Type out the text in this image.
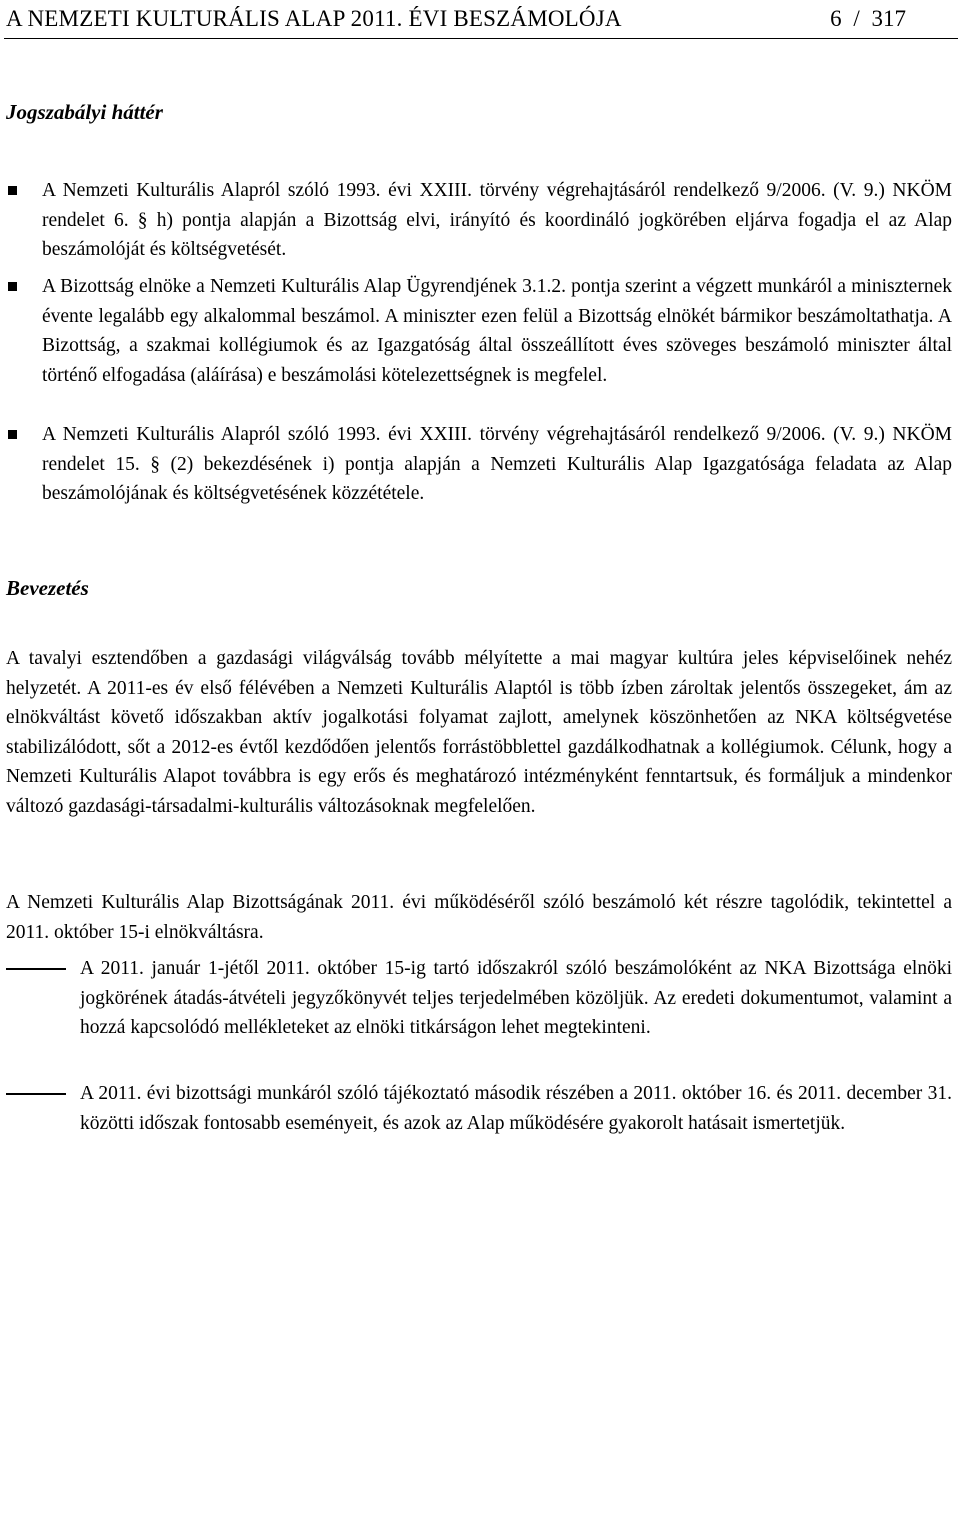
A NEMZETI KULTURÁLIS ALAP 2011. ÉVI BESZÁMOLÓJA	6 / 317
Jogszabályi háttér
A Nemzeti Kulturális Alapról szóló 1993. évi XXIII. törvény végrehajtásáról rendelkező 9/2006. (V. 9.) NKÖM rendelet 6. § h) pontja alapján a Bizottság elvi, irányító és koordináló jogkörében eljárva fogadja el az Alap beszámolóját és költségvetését.
A Bizottság elnöke a Nemzeti Kulturális Alap Ügyrendjének 3.1.2. pontja szerint a végzett munkáról a miniszternek évente legalább egy alkalommal beszámol. A miniszter ezen felül a Bizottság elnökét bármikor beszámoltathatja. A Bizottság, a szakmai kollégiumok és az Igazgatóság által összeállított éves szöveges beszámoló miniszter által történő elfogadása (aláírása) e beszámolási kötelezettségnek is megfelel.
A Nemzeti Kulturális Alapról szóló 1993. évi XXIII. törvény végrehajtásáról rendelkező 9/2006. (V. 9.) NKÖM rendelet 15. § (2) bekezdésének i) pontja alapján a Nemzeti Kulturális Alap Igazgatósága feladata az Alap beszámolójának és költségvetésének közzététele.
Bevezetés
A tavalyi esztendőben a gazdasági világválság tovább mélyítette a mai magyar kultúra jeles képviselőinek nehéz helyzetét. A 2011-es év első félévében a Nemzeti Kulturális Alaptól is több ízben zároltak jelentős összegeket, ám az elnökváltást követő időszakban aktív jogalkotási folyamat zajlott, amelynek köszönhetően az NKA költségvetése stabilizálódott, sőt a 2012-es évtől kezdődően jelentős forrástöbblettel gazdálkodhatnak a kollégiumok. Célunk, hogy a Nemzeti Kulturális Alapot továbbra is egy erős és meghatározó intézményként fenntartsuk, és formáljuk a mindenkor változó gazdasági-társadalmi-kulturális változásoknak megfelelően.
A Nemzeti Kulturális Alap Bizottságának 2011. évi működéséről szóló beszámoló két részre tagolódik, tekintettel a 2011. október 15-i elnökváltásra.
A 2011. január 1-jétől 2011. október 15-ig tartó időszakról szóló beszámolóként az NKA Bizottsága elnöki jogkörének átadás-átvételi jegyzőkönyvét teljes terjedelmében közöljük. Az eredeti dokumentumot, valamint a hozzá kapcsolódó mellékleteket az elnöki titkárságon lehet megtekinteni.
A 2011. évi bizottsági munkáról szóló tájékoztató második részében a 2011. október 16. és 2011. december 31. közötti időszak fontosabb eseményeit, és azok az Alap működésére gyakorolt hatásait ismertetjük.
